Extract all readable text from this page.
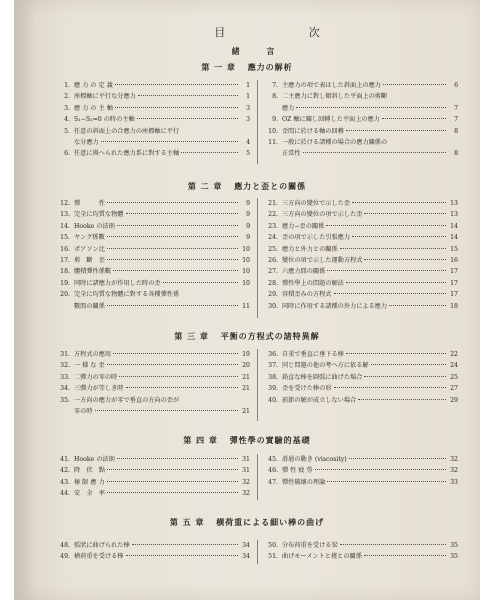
目 次
緒 言
第 一 章 應力の解析
1. 應 力 の 定 義	1
2. 座標軸に平行な分應力	1
3. 應 力 の 主 軸	3
4. S₁−S₂=0 の時の主軸	3
5. 任意の斜面上の合應力の座標軸に平行
な分應力	4
6. 任意に與へられた應力系に對する主軸	5
7. 主應力の項で表はした斜面上の應力	6
8. 二主應力に對し傾斜した平面上の剪斷
應力	7
9. OZ 軸に關し回轉した平面上の應力	7
10. 歪問に於ける軸の回轉	8
11. 一般に於ける諸種の場合の應力關係の
正當性	8
第 二 章 應力と歪との關係
12. 彈　　　性	9
13. 完全に均質な物體	9
14. Hooke の法則	9
15. ヤング係數	9
16. ポアソン比	10
17. 剪　斷　歪	10
18. 體積彈性係數	10
19. 同時に諸應力が作用した時の歪	10
20. 完全に均質な物體に對する各種彈性係
數間の關係	11
21. 三方向の變位で示した歪	13
22. 三方向の變位の項で示した歪	13
23. 應力−歪の關係	14
24. 歪の項で示した引張應力	14
25. 應力と外力との關係	15
26. 變位の項で示した運動方程式	16
27. 六應力間の關係	17
28. 彈性學上の問題の解法	17
29. 容積歪みの方程式	17
30. 同時に作用する諸種の外力による應力	18
第 三 章 平衡の方程式の諸特異解
31. 方程式の應用	19
32. 一 様 な 歪	20
33. 二彈力の零の時	21
34. 三彈力が等しき時	21
35. 一方向の應力が零で垂直の方向の歪が
零の時	21
36. 自重で垂直に垂下る棒	22
37. 同じ問題の他の考へ方に依る解	24
38. 鉛直な棒を圓弧に曲げた場合	25
39. 歪を受けた棒の形	27
40. 前節の解が成立しない場合	29
第 四 章 彈性學の實驗的基礎
41. Hooke の法則	31
42. 降　伏　點	31
43. 極 限 應 力	32
44. 安　全　率	32
45. 滑層の動き (viscosity)	32
46. 彈 性 疲 勞	32
47. 彈性破壞の理論	33
第 五 章 横荷重による細い棒の曲げ
48. 弧狀に曲げられた棒	34
49. 横荷重を受ける棒	34
50. 分布荷重を受ける梁	35
51. 曲げモーメントと撓との關係	35
